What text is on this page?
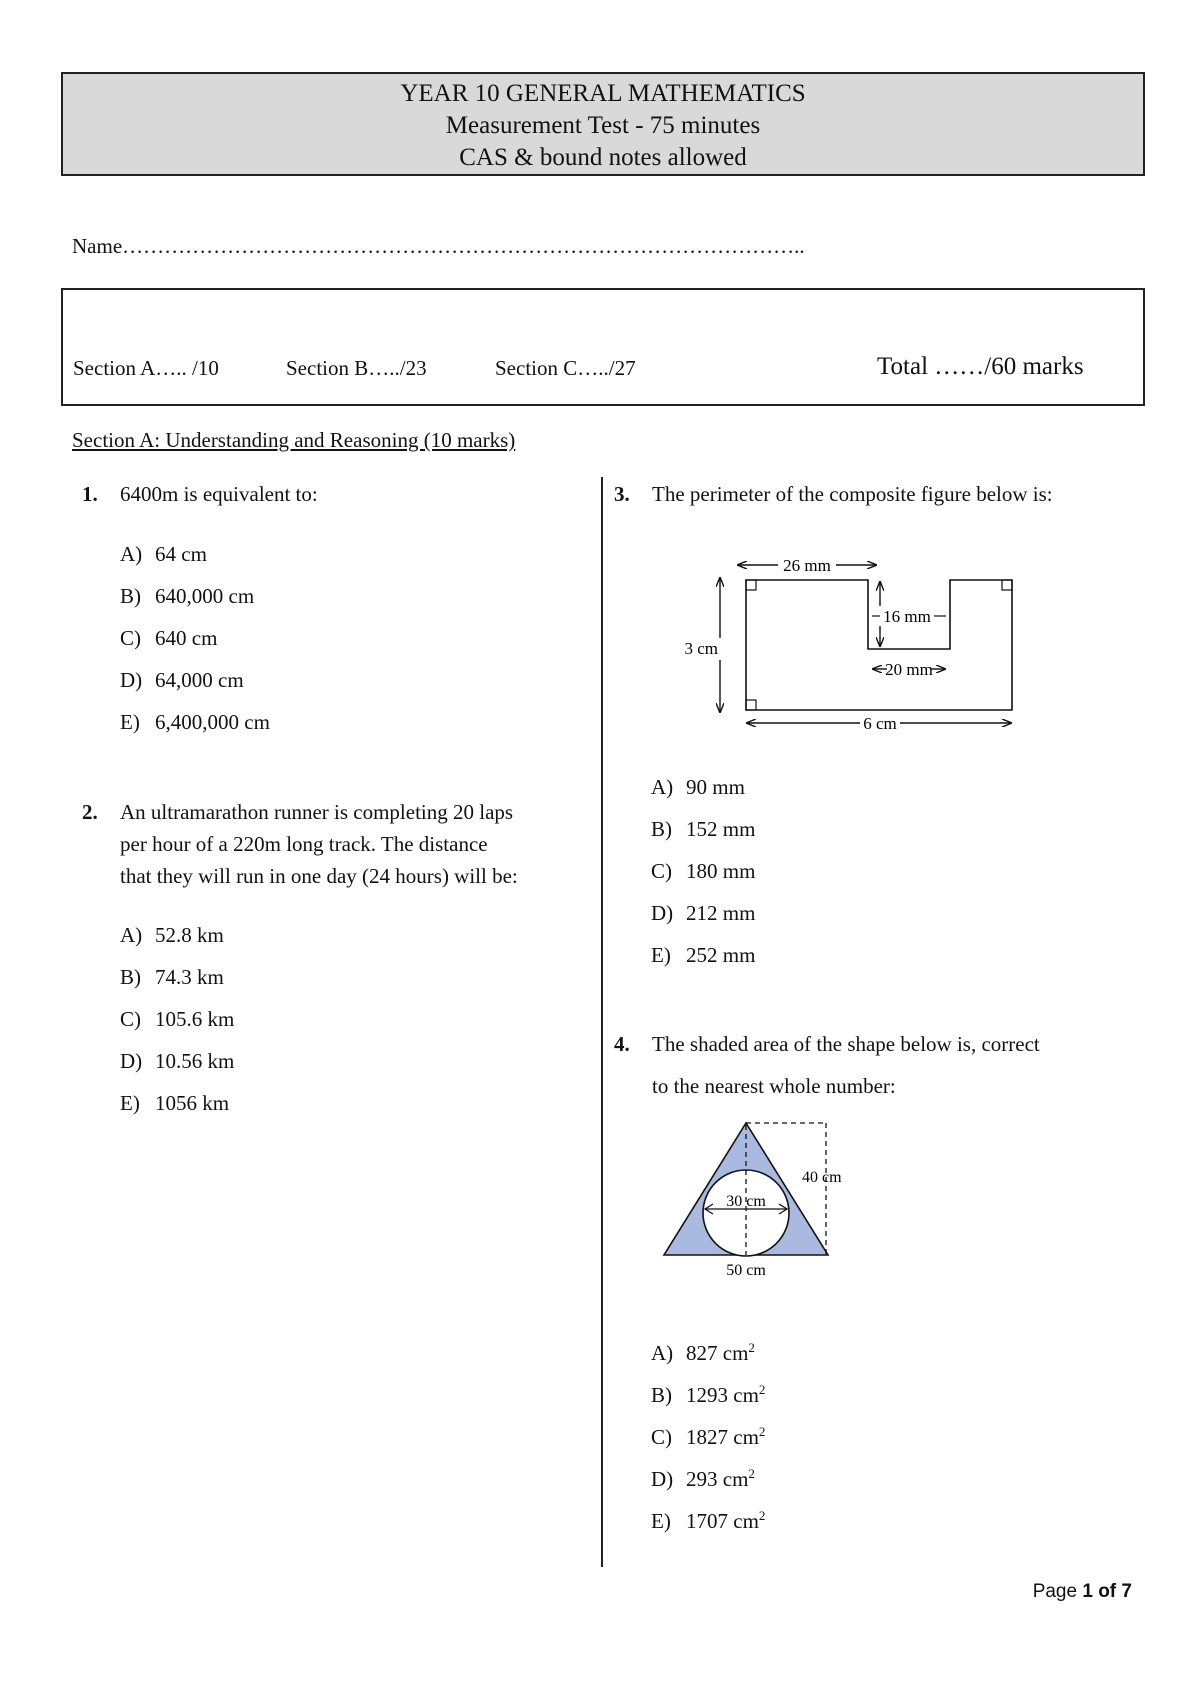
YEAR 10 GENERAL MATHEMATICS
Measurement Test - 75 minutes
CAS & bound notes allowed
Name……………………………………………………………………………………..
Section A….. /10	Section B…../23	Section C…../27	Total ……/60 marks
Section A: Understanding and Reasoning (10 marks)
1. 6400m is equivalent to:
A) 64 cm
B) 640,000 cm
C) 640 cm
D) 64,000 cm
E) 6,400,000 cm
2. An ultramarathon runner is completing 20 laps
per hour of a 220m long track. The distance
that they will run in one day (24 hours) will be:
A) 52.8 km
B) 74.3 km
C) 105.6 km
D) 10.56 km
E) 1056 km
3. The perimeter of the composite figure below is:
26 mm
16 mm
20 mm
3 cm
6 cm
A) 90 mm
B) 152 mm
C) 180 mm
D) 212 mm
E) 252 mm
4. The shaded area of the shape below is, correct
to the nearest whole number:
30 cm
40 cm
50 cm
A) 827 $cm^2$
B) 1293 $cm^2$
C) 1827 $cm^2$
D) 293 $cm^2$
E) 1707 $cm^2$
Page 1 of 7
